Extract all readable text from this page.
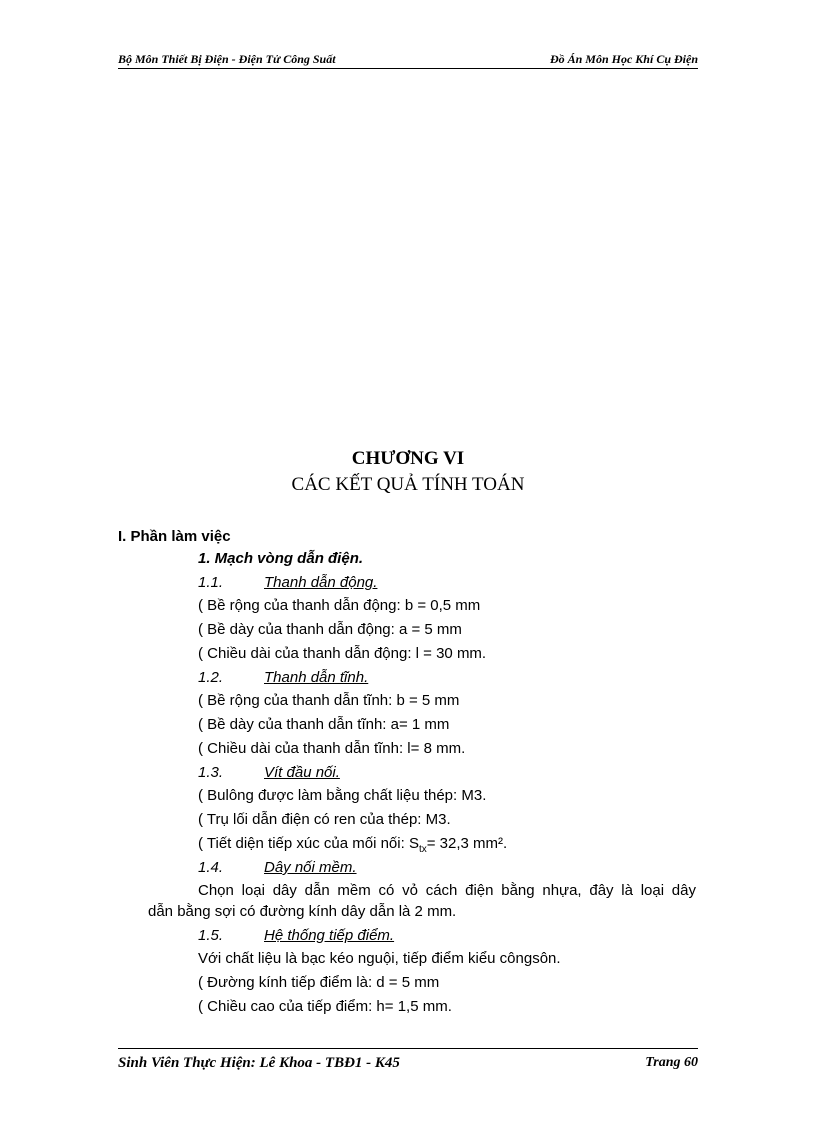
Bộ Môn Thiết Bị Điện - Điện Tử Công Suất	Đồ Án Môn Học Khí Cụ Điện
CHƯƠNG VI
CÁC KẾT QUẢ TÍNH TOÁN
I. Phần làm việc
1. Mạch vòng dẫn điện.
1.1.	Thanh dẫn động.
( Bề rộng của thanh dẫn động: b = 0,5 mm
( Bề dày của thanh dẫn động: a = 5 mm
( Chiều dài của thanh dẫn động: l = 30 mm.
1.2.	Thanh dẫn tĩnh.
( Bề rộng của thanh dẫn tĩnh: b = 5 mm
( Bề dày của thanh dẫn tĩnh: a= 1 mm
( Chiều dài của thanh dẫn tĩnh: l= 8 mm.
1.3.	Vít đầu nối.
( Bulông được làm bằng chất liệu thép: M3.
( Trụ lối dẫn điện có ren của thép: M3.
( Tiết diện tiếp xúc của mối nối: $S_{tx}= 32,3$ mm².
1.4.	Dây nối mềm.
Chọn loại dây dẫn mềm có vỏ cách điện bằng nhựa, đây là loại dây
dẫn bằng sợi có đường kính dây dẫn là 2 mm.
1.5.	Hệ thống tiếp điểm.
Với chất liệu là bạc kéo nguội, tiếp điểm kiểu côngsôn.
( Đường kính tiếp điểm là: d = 5 mm
( Chiều cao của tiếp điểm: h= 1,5 mm.
Sinh Viên Thực Hiện: Lê Khoa - TBĐ1 - K45	Trang 60
